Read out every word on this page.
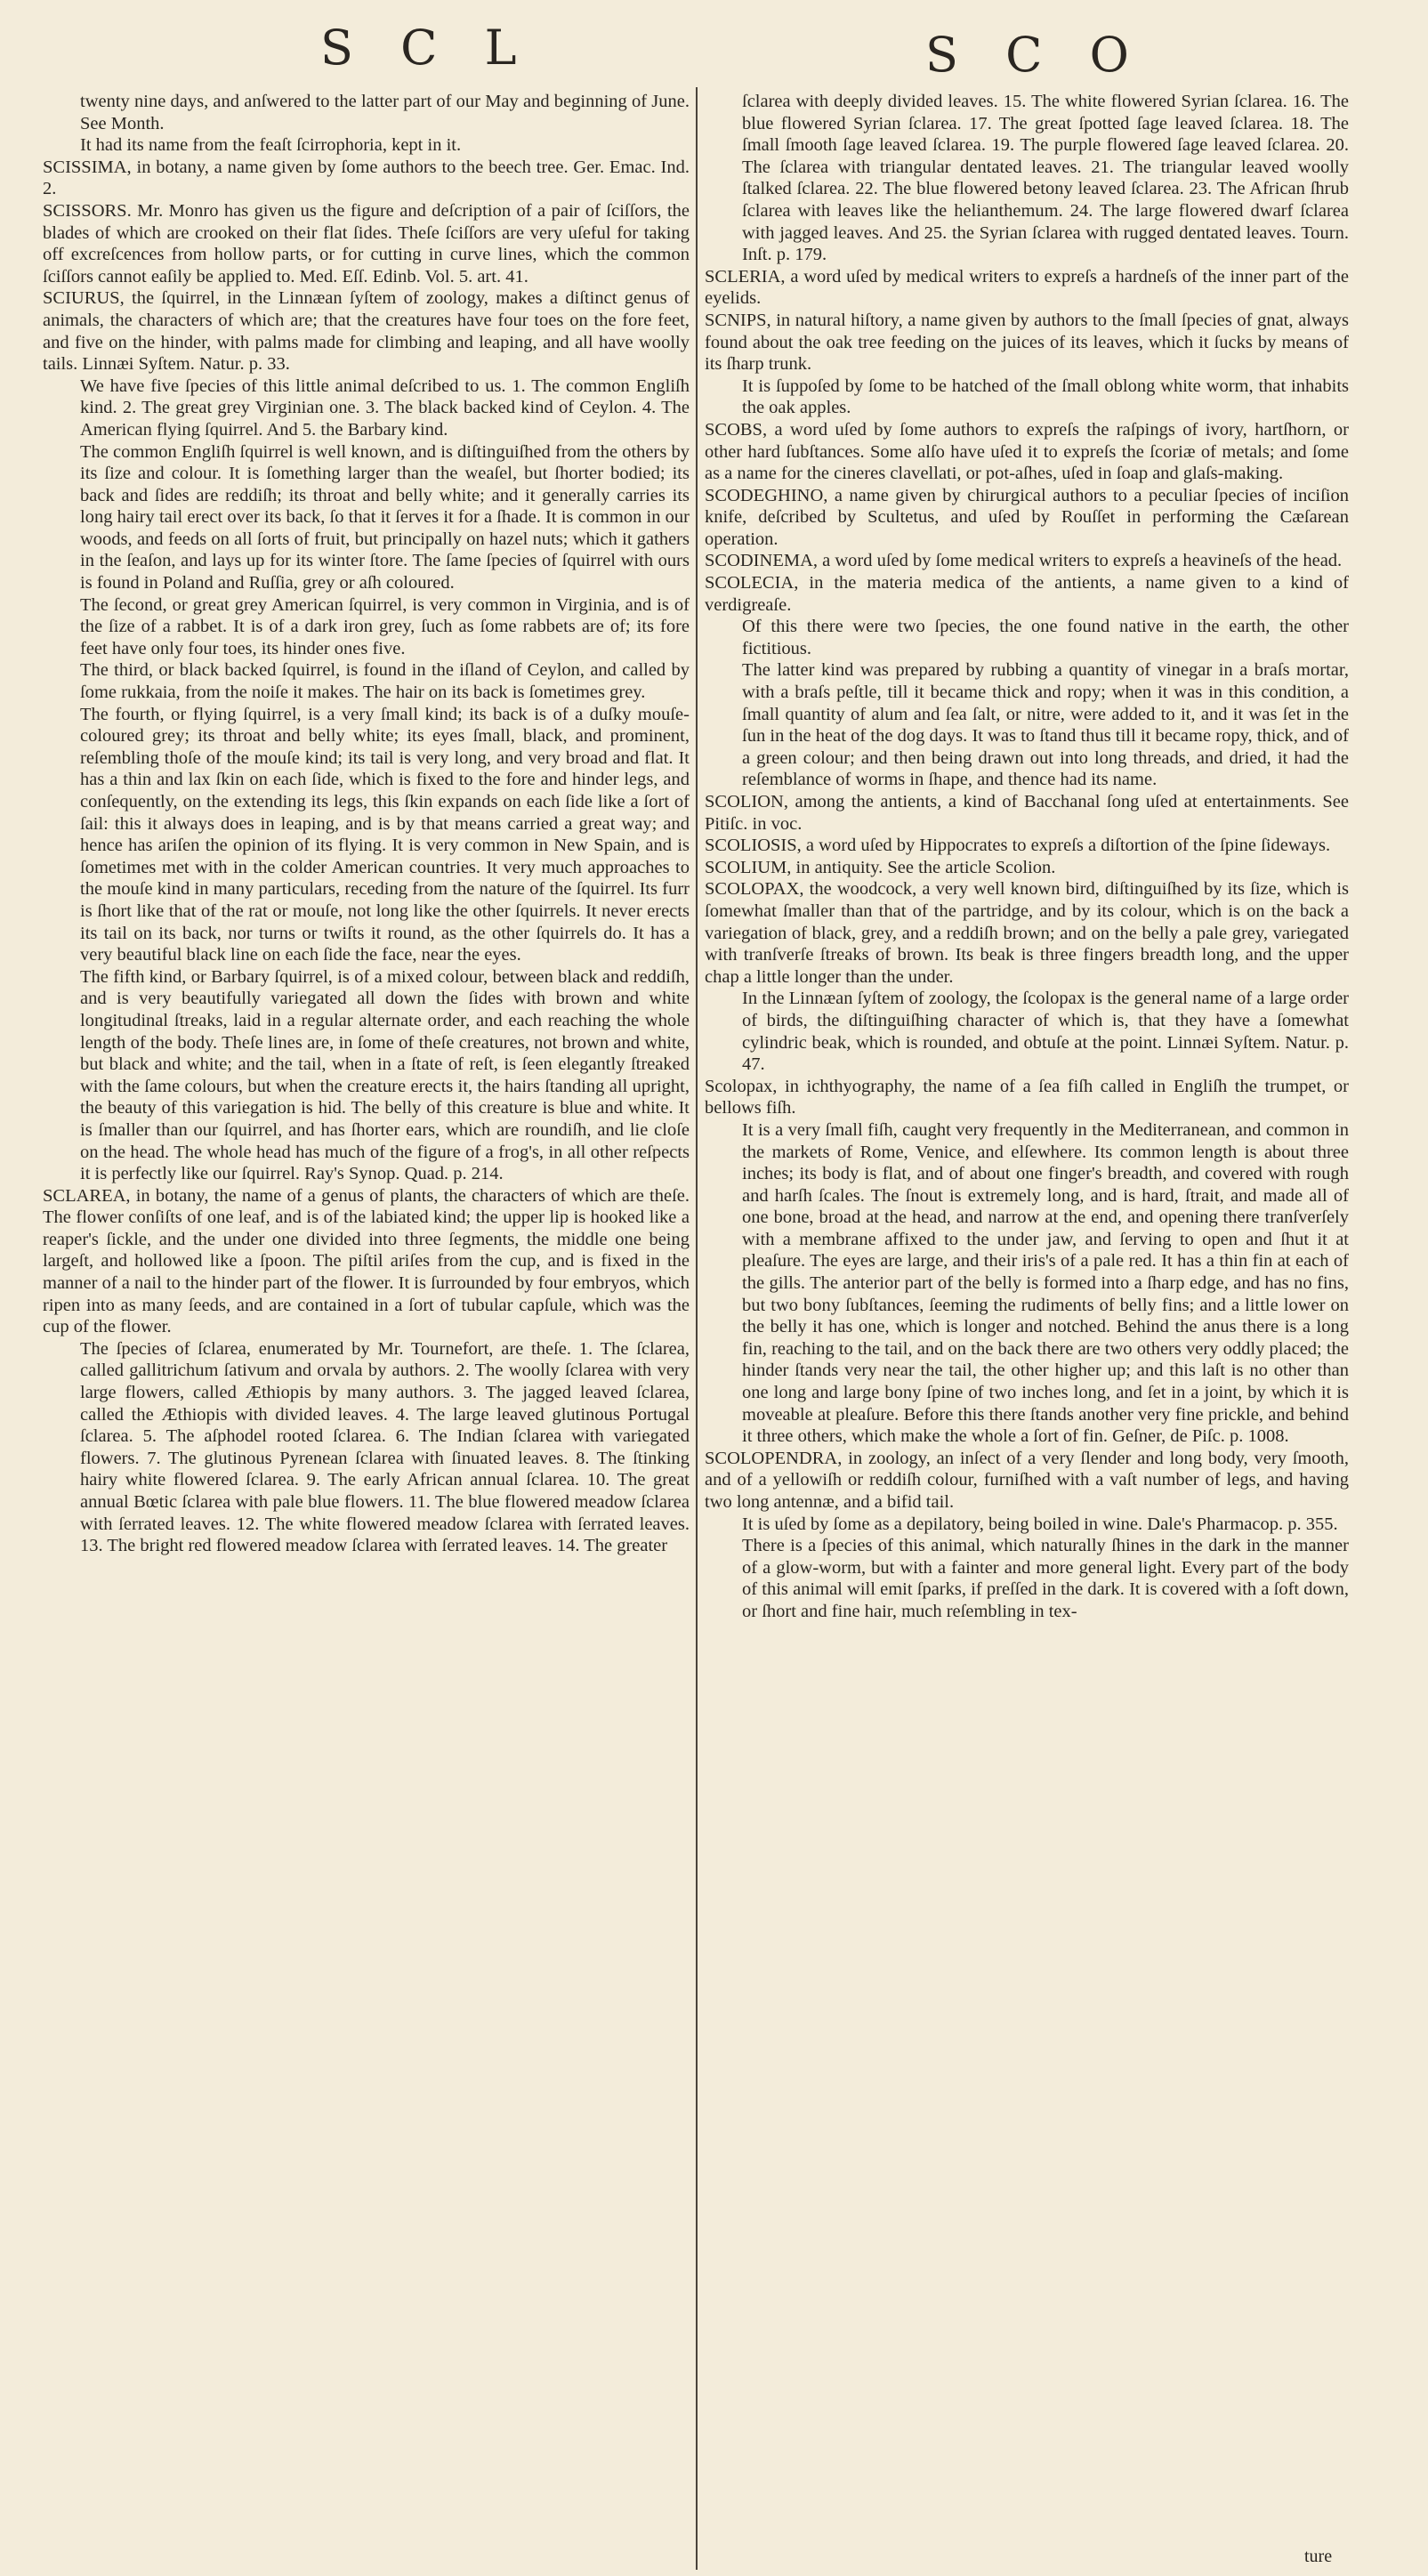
S C L	S C O

twenty nine days, and anſwered to the latter part of our May and beginning of June. See Month.

It had its name from the feaſt ſcirrophoria, kept in it.

SCISSIMA, in botany, a name given by ſome authors to the beech tree. Ger. Emac. Ind. 2.

SCISSORS. Mr. Monro has given us the figure and deſcription of a pair of ſciſſors, the blades of which are crooked on their flat ſides. Theſe ſciſſors are very uſeful for taking off excreſcences from hollow parts, or for cutting in curve lines, which the common ſciſſors cannot eaſily be applied to. Med. Eſſ. Edinb. Vol. 5. art. 41.

SCIURUS, the ſquirrel, in the Linnæan ſyſtem of zoology, makes a diſtinct genus of animals, the characters of which are; that the creatures have four toes on the fore feet, and five on the hinder, with palms made for climbing and leaping, and all have woolly tails. Linnæi Syſtem. Natur. p. 33.

We have five ſpecies of this little animal deſcribed to us. 1. The common Engliſh kind. 2. The great grey Virginian one. 3. The black backed kind of Ceylon. 4. The American flying ſquirrel. And 5. the Barbary kind.

The common Engliſh ſquirrel is well known, and is diſtinguiſhed from the others by its ſize and colour. It is ſomething larger than the weaſel, but ſhorter bodied; its back and ſides are reddiſh; its throat and belly white; and it generally carries its long hairy tail erect over its back, ſo that it ſerves it for a ſhade. It is common in our woods, and feeds on all ſorts of fruit, but principally on hazel nuts; which it gathers in the ſeaſon, and lays up for its winter ſtore. The ſame ſpecies of ſquirrel with ours is found in Poland and Ruſſia, grey or aſh coloured.

The ſecond, or great grey American ſquirrel, is very common in Virginia, and is of the ſize of a rabbet. It is of a dark iron grey, ſuch as ſome rabbets are of; its fore feet have only four toes, its hinder ones five.

The third, or black backed ſquirrel, is found in the iſland of Ceylon, and called by ſome rukkaia, from the noiſe it makes. The hair on its back is ſometimes grey.

The fourth, or flying ſquirrel, is a very ſmall kind; its back is of a duſky mouſe-coloured grey; its throat and belly white; its eyes ſmall, black, and prominent, reſembling thoſe of the mouſe kind; its tail is very long, and very broad and flat. It has a thin and lax ſkin on each ſide, which is fixed to the fore and hinder legs, and conſequently, on the extending its legs, this ſkin expands on each ſide like a ſort of ſail: this it always does in leaping, and is by that means carried a great way; and hence has ariſen the opinion of its flying. It is very common in New Spain, and is ſometimes met with in the colder American countries. It very much approaches to the mouſe kind in many particulars, receding from the nature of the ſquirrel. Its furr is ſhort like that of the rat or mouſe, not long like the other ſquirrels. It never erects its tail on its back, nor turns or twiſts it round, as the other ſquirrels do. It has a very beautiful black line on each ſide the face, near the eyes.

The fifth kind, or Barbary ſquirrel, is of a mixed colour, between black and reddiſh, and is very beautifully variegated all down the ſides with brown and white longitudinal ſtreaks, laid in a regular alternate order, and each reaching the whole length of the body. Theſe lines are, in ſome of theſe creatures, not brown and white, but black and white; and the tail, when in a ſtate of reſt, is ſeen elegantly ſtreaked with the ſame colours, but when the creature erects it, the hairs ſtanding all upright, the beauty of this variegation is hid. The belly of this creature is blue and white. It is ſmaller than our ſquirrel, and has ſhorter ears, which are roundiſh, and lie cloſe on the head. The whole head has much of the figure of a frog's, in all other reſpects it is perfectly like our ſquirrel. Ray's Synop. Quad. p. 214.

SCLAREA, in botany, the name of a genus of plants, the characters of which are theſe. The flower conſiſts of one leaf, and is of the labiated kind; the upper lip is hooked like a reaper's ſickle, and the under one divided into three ſegments, the middle one being largeſt, and hollowed like a ſpoon. The piſtil ariſes from the cup, and is fixed in the manner of a nail to the hinder part of the flower. It is ſurrounded by four embryos, which ripen into as many ſeeds, and are contained in a ſort of tubular capſule, which was the cup of the flower.

The ſpecies of ſclarea, enumerated by Mr. Tournefort, are theſe. 1. The ſclarea, called gallitrichum ſativum and orvala by authors. 2. The woolly ſclarea with very large flowers, called Æthiopis by many authors. 3. The jagged leaved ſclarea, called the Æthiopis with divided leaves. 4. The large leaved glutinous Portugal ſclarea. 5. The aſphodel rooted ſclarea. 6. The Indian ſclarea with variegated flowers. 7. The glutinous Pyrenean ſclarea with ſinuated leaves. 8. The ſtinking hairy white flowered ſclarea. 9. The early African annual ſclarea. 10. The great annual Bœtic ſclarea with pale blue flowers. 11. The blue flowered meadow ſclarea with ſerrated leaves. 12. The white flowered meadow ſclarea with ſerrated leaves. 13. The bright red flowered meadow ſclarea with ſerrated leaves. 14. The greater

ſclarea with deeply divided leaves. 15. The white flowered Syrian ſclarea. 16. The blue flowered Syrian ſclarea. 17. The great ſpotted ſage leaved ſclarea. 18. The ſmall ſmooth ſage leaved ſclarea. 19. The purple flowered ſage leaved ſclarea. 20. The ſclarea with triangular dentated leaves. 21. The triangular leaved woolly ſtalked ſclarea. 22. The blue flowered betony leaved ſclarea. 23. The African ſhrub ſclarea with leaves like the helianthemum. 24. The large flowered dwarf ſclarea with jagged leaves. And 25. the Syrian ſclarea with rugged dentated leaves. Tourn. Inſt. p. 179.

SCLERIA, a word uſed by medical writers to expreſs a hardneſs of the inner part of the eyelids.

SCNIPS, in natural hiſtory, a name given by authors to the ſmall ſpecies of gnat, always found about the oak tree feeding on the juices of its leaves, which it ſucks by means of its ſharp trunk.

It is ſuppoſed by ſome to be hatched of the ſmall oblong white worm, that inhabits the oak apples.

SCOBS, a word uſed by ſome authors to expreſs the raſpings of ivory, hartſhorn, or other hard ſubſtances. Some alſo have uſed it to expreſs the ſcoriæ of metals; and ſome as a name for the cineres clavellati, or pot-aſhes, uſed in ſoap and glaſs-making.

SCODEGHINO, a name given by chirurgical authors to a peculiar ſpecies of inciſion knife, deſcribed by Scultetus, and uſed by Rouſſet in performing the Cæſarean operation.

SCODINEMA, a word uſed by ſome medical writers to expreſs a heavineſs of the head.

SCOLECIA, in the materia medica of the antients, a name given to a kind of verdigreaſe.

Of this there were two ſpecies, the one found native in the earth, the other fictitious.

The latter kind was prepared by rubbing a quantity of vinegar in a braſs mortar, with a braſs peſtle, till it became thick and ropy; when it was in this condition, a ſmall quantity of alum and ſea ſalt, or nitre, were added to it, and it was ſet in the ſun in the heat of the dog days. It was to ſtand thus till it became ropy, thick, and of a green colour; and then being drawn out into long threads, and dried, it had the reſemblance of worms in ſhape, and thence had its name.

SCOLION, among the antients, a kind of Bacchanal ſong uſed at entertainments. See Pitiſc. in voc.

SCOLIOSIS, a word uſed by Hippocrates to expreſs a diſtortion of the ſpine ſideways.

SCOLIUM, in antiquity. See the article Scolion.

SCOLOPAX, the woodcock, a very well known bird, diſtinguiſhed by its ſize, which is ſomewhat ſmaller than that of the partridge, and by its colour, which is on the back a variegation of black, grey, and a reddiſh brown; and on the belly a pale grey, variegated with tranſverſe ſtreaks of brown. Its beak is three fingers breadth long, and the upper chap a little longer than the under.

In the Linnæan ſyſtem of zoology, the ſcolopax is the general name of a large order of birds, the diſtinguiſhing character of which is, that they have a ſomewhat cylindric beak, which is rounded, and obtuſe at the point. Linnæi Syſtem. Natur. p. 47.

Scolopax, in ichthyography, the name of a ſea fiſh called in Engliſh the trumpet, or bellows fiſh.

It is a very ſmall fiſh, caught very frequently in the Mediterranean, and common in the markets of Rome, Venice, and elſewhere. Its common length is about three inches; its body is flat, and of about one finger's breadth, and covered with rough and harſh ſcales. The ſnout is extremely long, and is hard, ſtrait, and made all of one bone, broad at the head, and narrow at the end, and opening there tranſverſely with a membrane affixed to the under jaw, and ſerving to open and ſhut it at pleaſure. The eyes are large, and their iris's of a pale red. It has a thin fin at each of the gills. The anterior part of the belly is formed into a ſharp edge, and has no fins, but two bony ſubſtances, ſeeming the rudiments of belly fins; and a little lower on the belly it has one, which is longer and notched. Behind the anus there is a long fin, reaching to the tail, and on the back there are two others very oddly placed; the hinder ſtands very near the tail, the other higher up; and this laſt is no other than one long and large bony ſpine of two inches long, and ſet in a joint, by which it is moveable at pleaſure. Before this there ſtands another very fine prickle, and behind it three others, which make the whole a ſort of fin. Geſner, de Piſc. p. 1008.

SCOLOPENDRA, in zoology, an inſect of a very ſlender and long body, very ſmooth, and of a yellowiſh or reddiſh colour, furniſhed with a vaſt number of legs, and having two long antennæ, and a bifid tail.

It is uſed by ſome as a depilatory, being boiled in wine. Dale's Pharmacop. p. 355.

There is a ſpecies of this animal, which naturally ſhines in the dark in the manner of a glow-worm, but with a fainter and more general light. Every part of the body of this animal will emit ſparks, if preſſed in the dark. It is covered with a ſoft down, or ſhort and fine hair, much reſembling in tex-

ture
